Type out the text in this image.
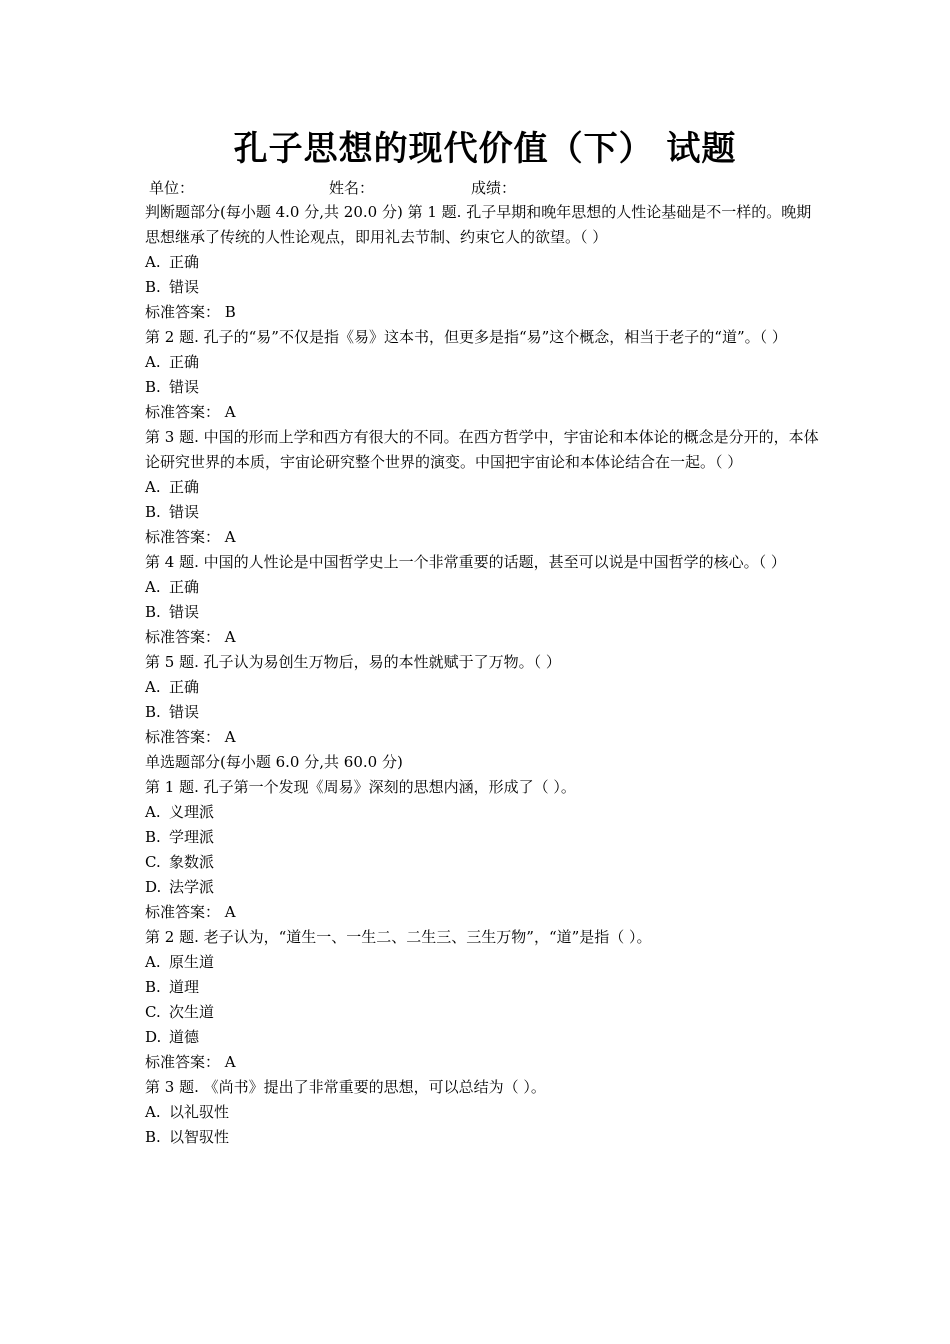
孔子思想的现代价值（下） 试题
单位：	姓名：	成绩：
判断题部分(每小题 4.0 分,共 20.0 分) 第 1 题. 孔子早期和晚年思想的人性论基础是不一样的。晚期思想继承了传统的人性论观点，即用礼去节制、约束它人的欲望。（ ）
A. 正确
B. 错误
标准答案： B
第 2 题. 孔子的“易”不仅是指《易》这本书，但更多是指“易”这个概念，相当于老子的“道”。（ ）
A. 正确
B. 错误
标准答案： A
第 3 题. 中国的形而上学和西方有很大的不同。在西方哲学中，宇宙论和本体论的概念是分开的，本体论研究世界的本质，宇宙论研究整个世界的演变。中国把宇宙论和本体论结合在一起。（ ）
A. 正确
B. 错误
标准答案： A
第 4 题. 中国的人性论是中国哲学史上一个非常重要的话题，甚至可以说是中国哲学的核心。（ ）
A. 正确
B. 错误
标准答案： A
第 5 题. 孔子认为易创生万物后，易的本性就赋于了万物。（ ）
A. 正确
B. 错误
标准答案： A
单选题部分(每小题 6.0 分,共 60.0 分)
第 1 题. 孔子第一个发现《周易》深刻的思想内涵，形成了（ ）。
A. 义理派
B. 学理派
C. 象数派
D. 法学派
标准答案： A
第 2 题. 老子认为，“道生一、一生二、二生三、三生万物”，“道”是指（ ）。
A. 原生道
B. 道理
C. 次生道
D. 道德
标准答案： A
第 3 题. 《尚书》提出了非常重要的思想，可以总结为（ ）。
A. 以礼驭性
B. 以智驭性
